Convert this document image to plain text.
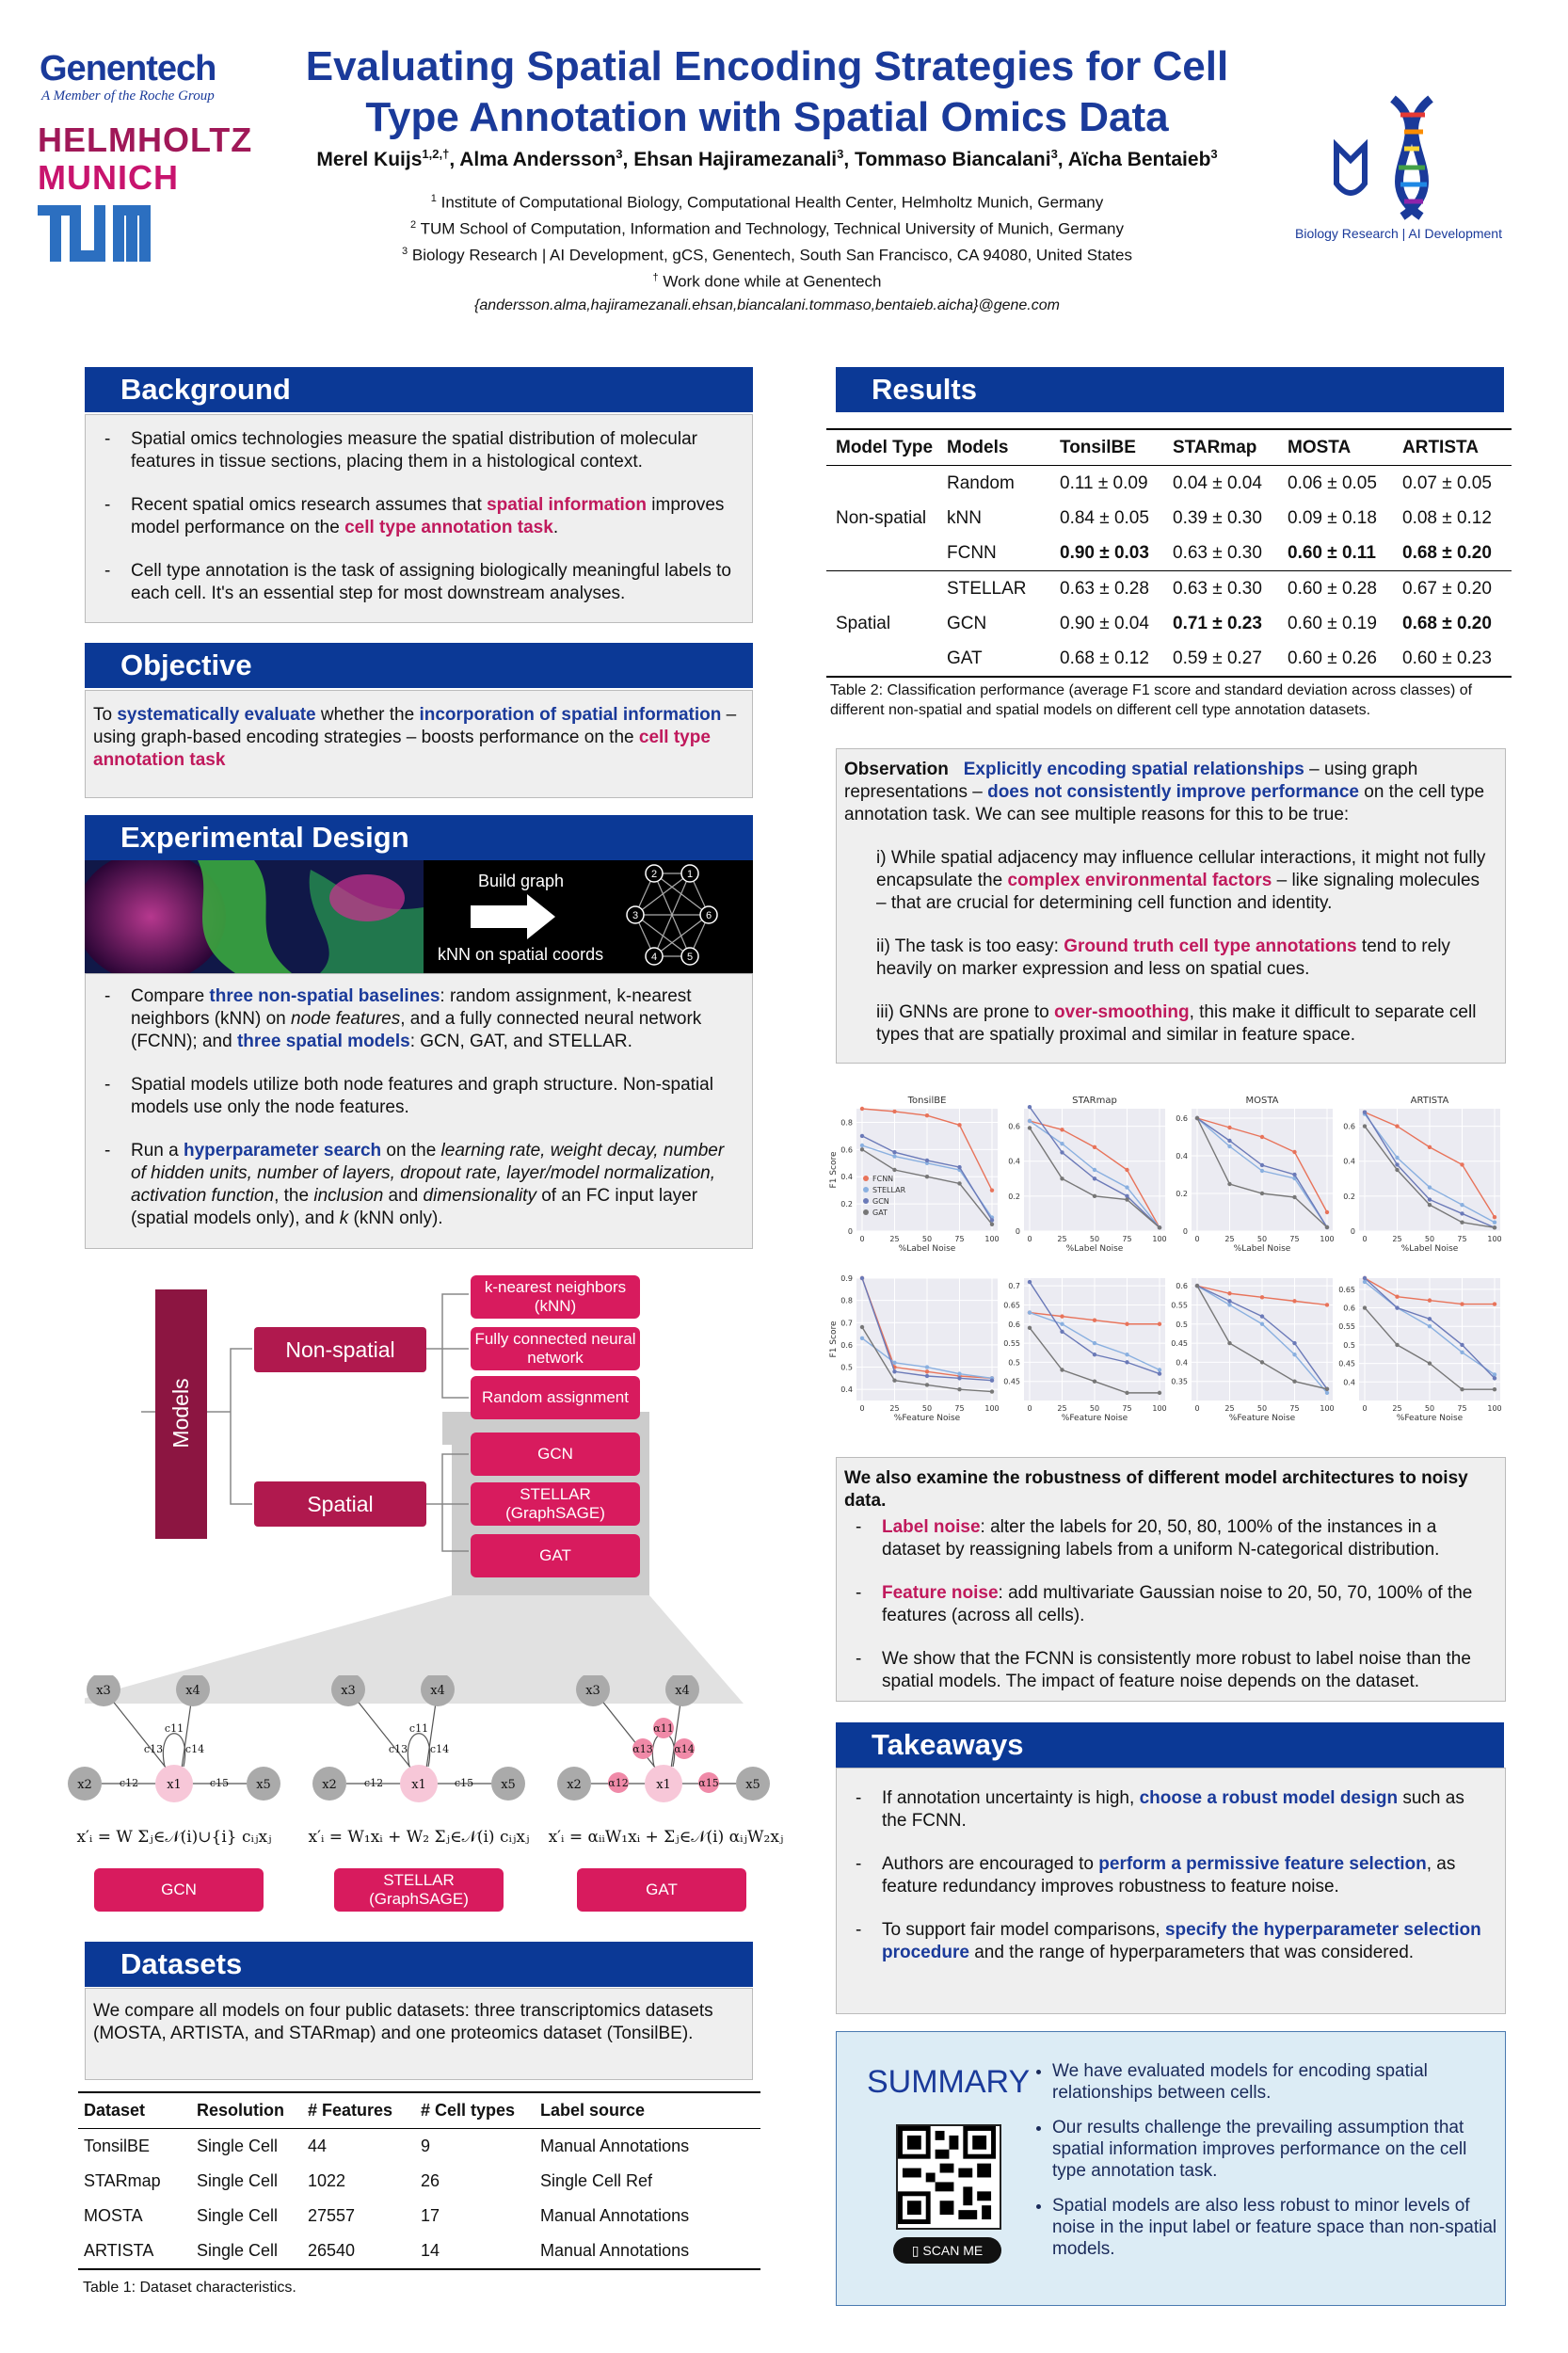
Genentech
A Member of the Roche Group
HELMHOLTZ
MUNICH
Evaluating Spatial Encoding Strategies for Cell
Type Annotation with Spatial Omics Data
Merel Kuijs$^{1,2,\dagger}$, Alma Andersson$^3$, Ehsan Hajiramezanali$^3$, Tommaso Biancalani$^3$, Aïcha Bentaieb$^3$
$^1$ Institute of Computational Biology, Computational Health Center, Helmholtz Munich, Germany
$^2$ TUM School of Computation, Information and Technology, Technical University of Munich, Germany
$^3$ Biology Research | AI Development, gCS, Genentech, South San Francisco, CA 94080, United States
† Work done while at Genentech
{andersson.alma,hajiramezanali.ehsan,biancalani.tommaso,bentaieb.aicha}@gene.com
Biology Research | AI Development
Background
- Spatial omics technologies measure the spatial distribution of molecular features in tissue sections, placing them in a histological context.
- Recent spatial omics research assumes that spatial information improves model performance on the cell type annotation task.
- Cell type annotation is the task of assigning biologically meaningful labels to each cell. It's an essential step for most downstream analyses.
Objective
To systematically evaluate whether the incorporation of spatial information – using graph-based encoding strategies – boosts performance on the cell type annotation task
Experimental Design
2	1
3	6
4	5
Build graph
kNN on spatial coords
- Compare three non-spatial baselines: random assignment, k-nearest neighbors (kNN) on node features, and a fully connected neural network (FCNN); and three spatial models: GCN, GAT, and STELLAR.
- Spatial models utilize both node features and graph structure. Non-spatial models use only the node features.
- Run a hyperparameter search on the learning rate, weight decay, number of hidden units, number of layers, dropout rate, layer/model normalization, activation function, the inclusion and dimensionality of an FC input layer (spatial models only), and k (kNN only).
Models
Non-spatial
Spatial
k-nearest neighbors (kNN)
Fully connected neural network
Random assignment
GCN
STELLAR (GraphSAGE)
GAT
x3	x4
x2	x5
x1
c11
c13 c14
c12	c15
x3	x4
x2	x5
x1
c11
c13 c14
c12	c15
x3	x4
x2	x5
x1
α11
α13 α14
α12	α15
x′ᵢ = W Σⱼ∈𝒩(i)∪{i} cᵢⱼxⱼ	x′ᵢ = W₁xᵢ + W₂ Σⱼ∈𝒩(i) cᵢⱼxⱼ	x′ᵢ = αᵢᵢW₁xᵢ + Σⱼ∈𝒩(i) αᵢⱼW₂xⱼ
GCN
STELLAR (GraphSAGE)
GAT
Datasets
We compare all models on four public datasets: three transcriptomics datasets (MOSTA, ARTISTA, and STARmap) and one proteomics dataset (TonsilBE).
Dataset	Resolution	# Features	# Cell types	Label source
TonsilBE	Single Cell	44	9	Manual Annotations
STARmap	Single Cell	1022	26	Single Cell Ref
MOSTA	Single Cell	27557	17	Manual Annotations
ARTISTA	Single Cell	26540	14	Manual Annotations
Table 1: Dataset characteristics.
Results
Model Type	Models	TonsilBE	STARmap	MOSTA	ARTISTA
	Random	0.11 ± 0.09	0.04 ± 0.04	0.06 ± 0.05	0.07 ± 0.05
Non-spatial	kNN	0.84 ± 0.05	0.39 ± 0.30	0.09 ± 0.18	0.08 ± 0.12
	FCNN	0.90 ± 0.03	0.63 ± 0.30	0.60 ± 0.11	0.68 ± 0.20
	STELLAR	0.63 ± 0.28	0.63 ± 0.30	0.60 ± 0.28	0.67 ± 0.20
Spatial	GCN	0.90 ± 0.04	0.71 ± 0.23	0.60 ± 0.19	0.68 ± 0.20
	GAT	0.68 ± 0.12	0.59 ± 0.27	0.60 ± 0.26	0.60 ± 0.23
Table 2: Classification performance (average F1 score and standard deviation across classes) of different non-spatial and spatial models on different cell type annotation datasets.
Observation Explicitly encoding spatial relationships – using graph representations – does not consistently improve performance on the cell type annotation task. We can see multiple reasons for this to be true:
i) While spatial adjacency may influence cellular interactions, it might not fully encapsulate the complex environmental factors – like signaling molecules – that are crucial for determining cell function and identity.
ii) The task is too easy: Ground truth cell type annotations tend to rely heavily on marker expression and less on spatial cues.
iii) GNNs are prone to over-smoothing, this make it difficult to separate cell types that are spatially proximal and similar in feature space.
0
0.2
0.4
0.6
0.8
0	25	50	75	100
TonsilBE
%Label Noise
F1 Score	FCNN
STELLAR
GCN
GAT
0
0.2
0.4
0.6
0	25	50	75	100
STARmap
%Label Noise
0
0.2
0.4
0.6
0	25	50	75	100
MOSTA
%Label Noise
0
0.2
0.4
0.6
0	25	50	75	100
ARTISTA
%Label Noise
0.4
0.5
0.6
0.7
0.8
0.9
0	25	50	75	100
%Feature Noise
F1 Score
0.45
0.5
0.55
0.6
0.65
0.7
0	25	50	75	100
%Feature Noise
0.35
0.4
0.45
0.5
0.55
0.6
0	25	50	75	100
%Feature Noise
0.4
0.45
0.5
0.55
0.6
0.65
0	25	50	75	100
%Feature Noise
We also examine the robustness of different model architectures to noisy data.
- Label noise: alter the labels for 20, 50, 80, 100% of the instances in a dataset by reassigning labels from a uniform N-categorical distribution.
- Feature noise: add multivariate Gaussian noise to 20, 50, 70, 100% of the features (across all cells).
- We show that the FCNN is consistently more robust to label noise than the spatial models. The impact of feature noise depends on the dataset.
Takeaways
- If annotation uncertainty is high, choose a robust model design such as the FCNN.
- Authors are encouraged to perform a permissive feature selection, as feature redundancy improves robustness to feature noise.
- To support fair model comparisons, specify the hyperparameter selection procedure and the range of hyperparameters that was considered.
SUMMARY
▯ SCAN ME
• We have evaluated models for encoding spatial relationships between cells.
• Our results challenge the prevailing assumption that spatial information improves performance on the cell type annotation task.
• Spatial models are also less robust to minor levels of noise in the input label or feature space than non-spatial models.
